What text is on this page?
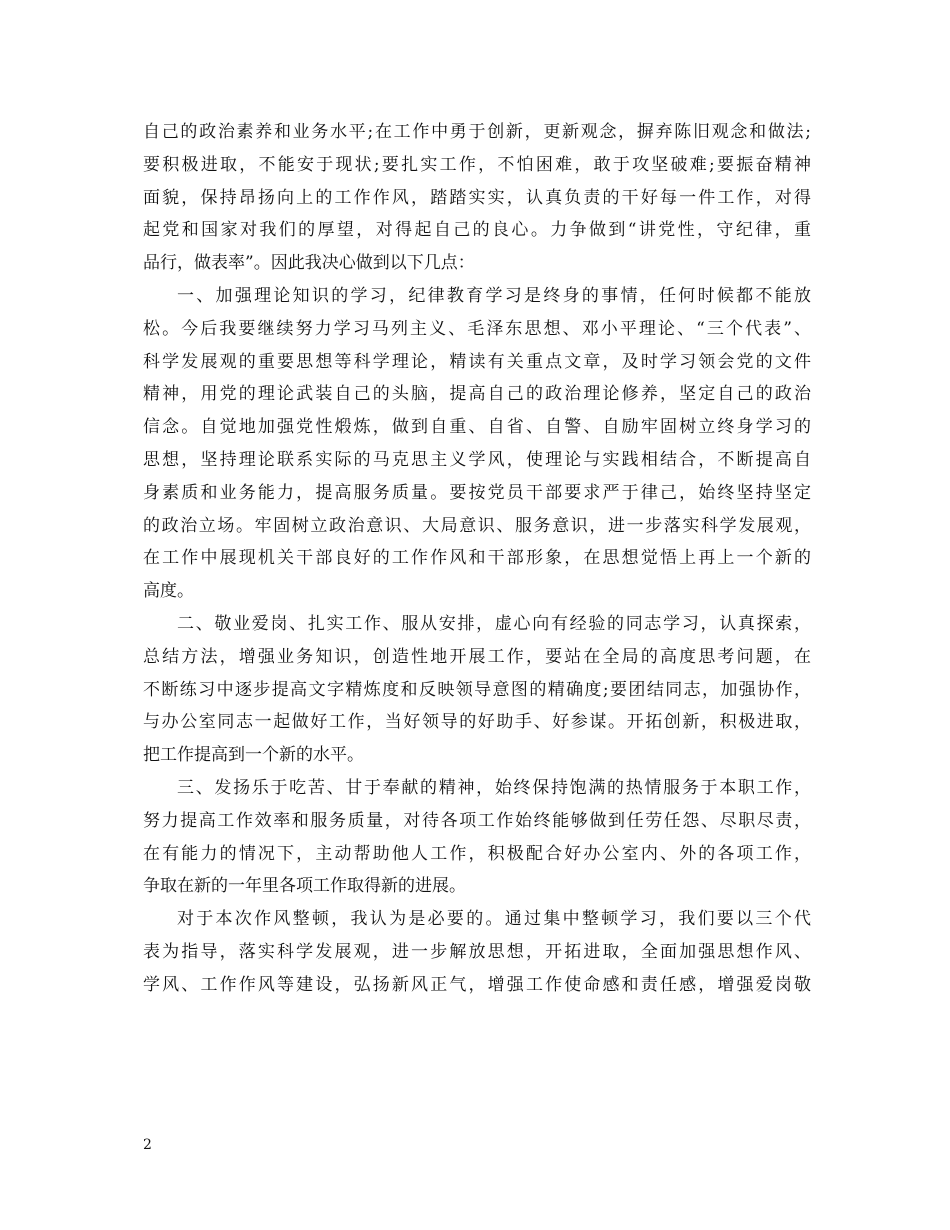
自己的政治素养和业务水平;在工作中勇于创新，更新观念，摒弃陈旧观念和做法;
要积极进取，不能安于现状;要扎实工作，不怕困难，敢于攻坚破难;要振奋精神
面貌，保持昂扬向上的工作作风，踏踏实实，认真负责的干好每一件工作，对得
起党和国家对我们的厚望，对得起自己的良心。力争做到“讲党性，守纪律，重
品行，做表率”。因此我决心做到以下几点：
一、加强理论知识的学习，纪律教育学习是终身的事情，任何时候都不能放
松。今后我要继续努力学习马列主义、毛泽东思想、邓小平理论、“三个代表”、
科学发展观的重要思想等科学理论，精读有关重点文章，及时学习领会党的文件
精神，用党的理论武装自己的头脑，提高自己的政治理论修养，坚定自己的政治
信念。自觉地加强党性煅炼，做到自重、自省、自警、自励牢固树立终身学习的
思想，坚持理论联系实际的马克思主义学风，使理论与实践相结合，不断提高自
身素质和业务能力，提高服务质量。要按党员干部要求严于律己，始终坚持坚定
的政治立场。牢固树立政治意识、大局意识、服务意识，进一步落实科学发展观，
在工作中展现机关干部良好的工作作风和干部形象，在思想觉悟上再上一个新的
高度。
二、敬业爱岗、扎实工作、服从安排，虚心向有经验的同志学习，认真探索，
总结方法，增强业务知识，创造性地开展工作，要站在全局的高度思考问题，在
不断练习中逐步提高文字精炼度和反映领导意图的精确度;要团结同志，加强协作，
与办公室同志一起做好工作，当好领导的好助手、好参谋。开拓创新，积极进取，
把工作提高到一个新的水平。
三、发扬乐于吃苦、甘于奉献的精神，始终保持饱满的热情服务于本职工作，
努力提高工作效率和服务质量，对待各项工作始终能够做到任劳任怨、尽职尽责，
在有能力的情况下，主动帮助他人工作，积极配合好办公室内、外的各项工作，
争取在新的一年里各项工作取得新的进展。
对于本次作风整顿，我认为是必要的。通过集中整顿学习，我们要以三个代
表为指导，落实科学发展观，进一步解放思想，开拓进取，全面加强思想作风、
学风、工作作风等建设，弘扬新风正气，增强工作使命感和责任感，增强爱岗敬
2
